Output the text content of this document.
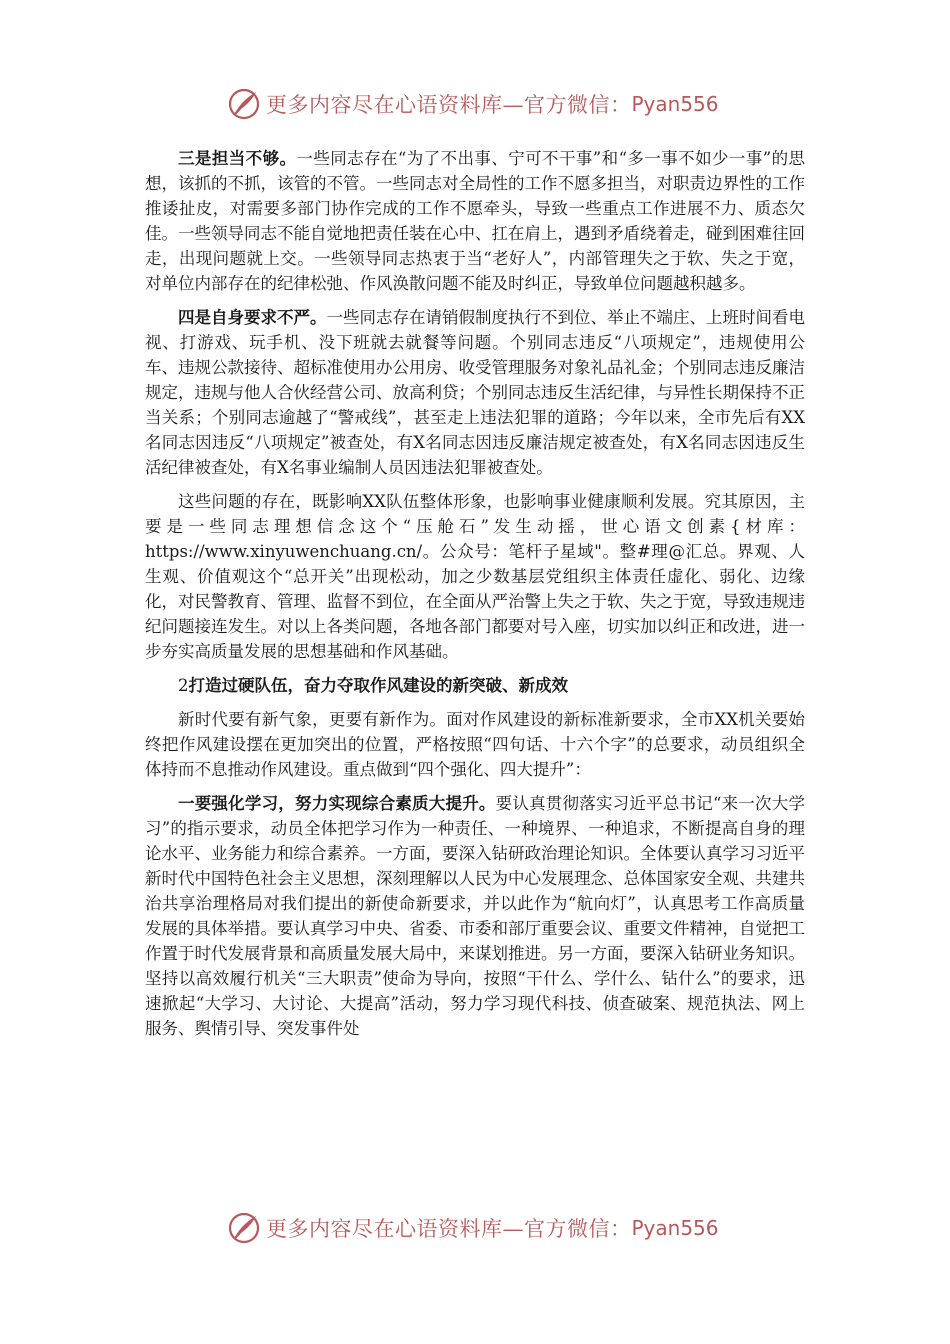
更多内容尽在心语资料库—官方微信： Pyan556

三是担当不够。一些同志存在“为了不出事、宁可不干事”和“多一事不如少一事”的思想，该抓的不抓，该管的不管。一些同志对全局性的工作不愿多担当，对职责边界性的工作推诿扯皮，对需要多部门协作完成的工作不愿牵头，导致一些重点工作进展不力、质态欠佳。一些领导同志不能自觉地把责任装在心中、扛在肩上，遇到矛盾绕着走，碰到困难往回走，出现问题就上交。一些领导同志热衷于当“老好人”，内部管理失之于软、失之于宽，对单位内部存在的纪律松弛、作风涣散问题不能及时纠正，导致单位问题越积越多。

四是自身要求不严。一些同志存在请销假制度执行不到位、举止不端庄、上班时间看电视、打游戏、玩手机、没下班就去就餐等问题。个别同志违反“八项规定”，违规使用公车、违规公款接待、超标准使用办公用房、收受管理服务对象礼品礼金；个别同志违反廉洁规定，违规与他人合伙经营公司、放高利贷；个别同志违反生活纪律，与异性长期保持不正当关系；个别同志逾越了“警戒线”，甚至走上违法犯罪的道路；今年以来，全市先后有XX名同志因违反“八项规定”被查处，有X名同志因违反廉洁规定被查处，有X名同志因违反生活纪律被查处，有X名事业编制人员因违法犯罪被查处。

这些问题的存在，既影响XX队伍整体形象，也影响事业健康顺利发展。究其原因，主要是一些同志理想信念这个“压舱石”发生动摇，世心语文创素{材库：https://www.xinyuwenchuang.cn/。公众号：笔杆子星域"。整#理@汇总。界观、人生观、价值观这个“总开关”出现松动，加之少数基层党组织主体责任虚化、弱化、边缘化，对民警教育、管理、监督不到位，在全面从严治警上失之于软、失之于宽，导致违规违纪问题接连发生。对以上各类问题，各地各部门都要对号入座，切实加以纠正和改进，进一步夯实高质量发展的思想基础和作风基础。

2打造过硬队伍，奋力夺取作风建设的新突破、新成效

新时代要有新气象，更要有新作为。面对作风建设的新标准新要求，全市XX机关要始终把作风建设摆在更加突出的位置，严格按照“四句话、十六个字”的总要求，动员组织全体持而不息推动作风建设。重点做到“四个强化、四大提升”：

一要强化学习，努力实现综合素质大提升。要认真贯彻落实习近平总书记“来一次大学习”的指示要求，动员全体把学习作为一种责任、一种境界、一种追求，不断提高自身的理论水平、业务能力和综合素养。一方面，要深入钻研政治理论知识。全体要认真学习习近平新时代中国特色社会主义思想，深刻理解以人民为中心发展理念、总体国家安全观、共建共治共享治理格局对我们提出的新使命新要求，并以此作为“航向灯”，认真思考工作高质量发展的具体举措。要认真学习中央、省委、市委和部厅重要会议、重要文件精神，自觉把工作置于时代发展背景和高质量发展大局中，来谋划推进。另一方面，要深入钻研业务知识。坚持以高效履行机关“三大职责”使命为导向，按照“干什么、学什么、钻什么”的要求，迅速掀起“大学习、大讨论、大提高”活动，努力学习现代科技、侦查破案、规范执法、网上服务、舆情引导、突发事件处

更多内容尽在心语资料库—官方微信： Pyan556
